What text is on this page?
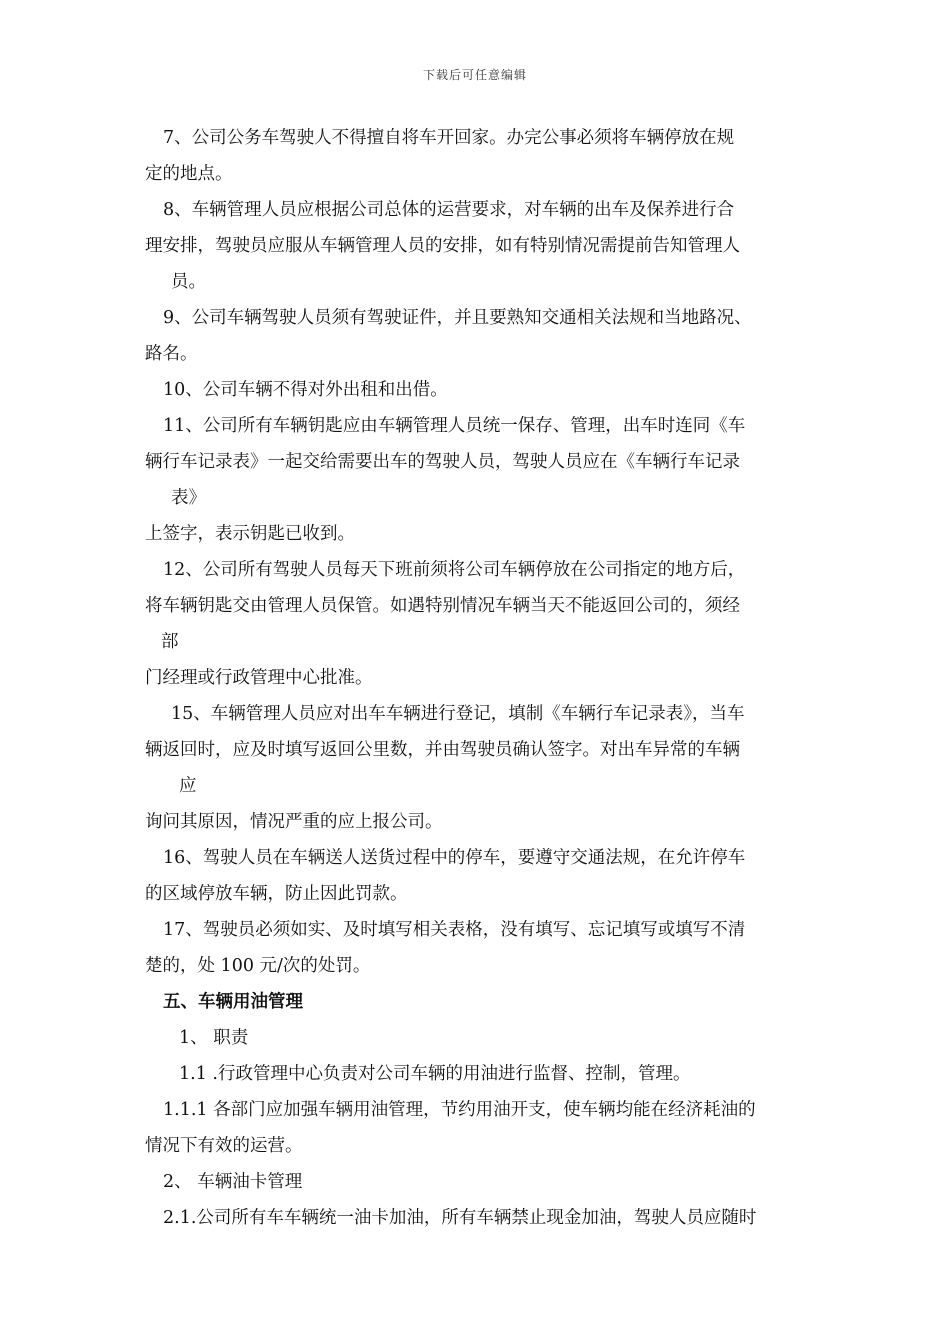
下载后可任意编辑
7、公司公务车驾驶人不得擅自将车开回家。办完公事必须将车辆停放在规
定的地点。
8、车辆管理人员应根据公司总体的运营要求，对车辆的出车及保养进行合
理安排，驾驶员应服从车辆管理人员的安排，如有特别情况需提前告知管理人
员。
9、公司车辆驾驶人员须有驾驶证件，并且要熟知交通相关法规和当地路况、
路名。
10、公司车辆不得对外出租和出借。
11、公司所有车辆钥匙应由车辆管理人员统一保存、管理，出车时连同《车
辆行车记录表》一起交给需要出车的驾驶人员，驾驶人员应在《车辆行车记录
表》
上签字，表示钥匙已收到。
12、公司所有驾驶人员每天下班前须将公司车辆停放在公司指定的地方后，
将车辆钥匙交由管理人员保管。如遇特别情况车辆当天不能返回公司的，须经
部
门经理或行政管理中心批准。
15、车辆管理人员应对出车车辆进行登记，填制《车辆行车记录表》，当车
辆返回时，应及时填写返回公里数，并由驾驶员确认签字。对出车异常的车辆
应
询问其原因，情况严重的应上报公司。
16、驾驶人员在车辆送人送货过程中的停车，要遵守交通法规，在允许停车
的区域停放车辆，防止因此罚款。
17、驾驶员必须如实、及时填写相关表格，没有填写、忘记填写或填写不清
楚的，处 100 元/次的处罚。
五、车辆用油管理
1、 职责
1.1 .行政管理中心负责对公司车辆的用油进行监督、控制，管理。
1.1.1 各部门应加强车辆用油管理，节约用油开支，使车辆均能在经济耗油的
情况下有效的运营。
2、 车辆油卡管理
2.1.公司所有车车辆统一油卡加油，所有车辆禁止现金加油，驾驶人员应随时
